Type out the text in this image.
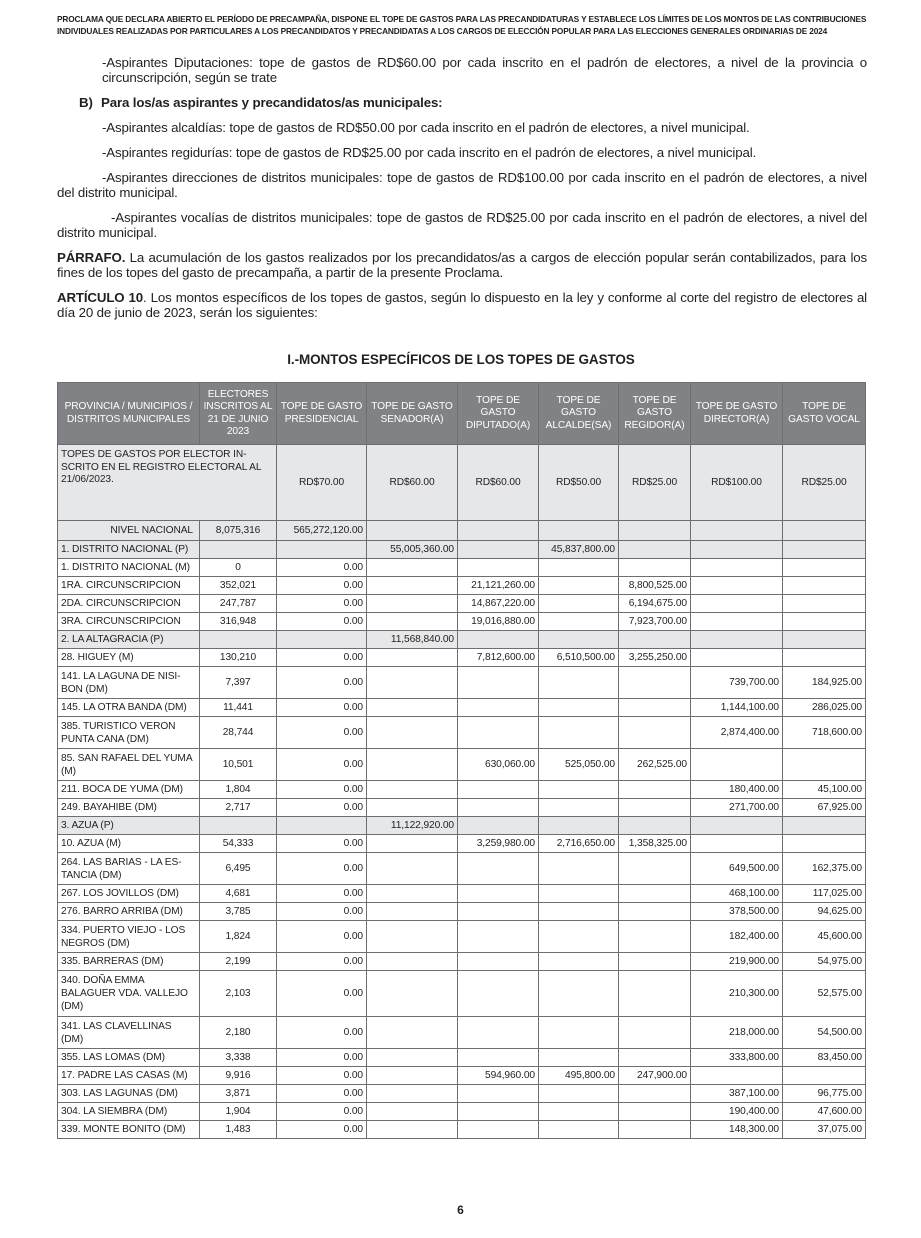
PROCLAMA QUE DECLARA ABIERTO EL PERÍODO DE PRECAMPAÑA, DISPONE EL TOPE DE GASTOS PARA LAS PRECANDIDATURAS Y ESTABLECE LOS LÍMITES DE LOS MONTOS DE LAS CONTRIBUCIONES INDIVIDUALES REALIZADAS POR PARTICULARES A LOS PRECANDIDATOS Y PRECANDIDATAS A LOS CARGOS DE ELECCIÓN POPULAR PARA LAS ELECCIONES GENERALES ORDINARIAS DE 2024

-Aspirantes Diputaciones: tope de gastos de RD$60.00 por cada inscrito en el padrón de electores, a nivel de la provincia o circunscripción, según se trate

B) Para los/as aspirantes y precandidatos/as municipales:

-Aspirantes alcaldías: tope de gastos de RD$50.00 por cada inscrito en el padrón de electores, a nivel municipal.

-Aspirantes regidurías: tope de gastos de RD$25.00 por cada inscrito en el padrón de electores, a nivel municipal.

-Aspirantes direcciones de distritos municipales: tope de gastos de RD$100.00 por cada inscrito en el padrón de electores, a nivel del distrito municipal.

-Aspirantes vocalías de distritos municipales: tope de gastos de RD$25.00 por cada inscrito en el padrón de electores, a nivel del distrito municipal.

PÁRRAFO. La acumulación de los gastos realizados por los precandidatos/as a cargos de elección popular serán contabilizados, para los fines de los topes del gasto de precampaña, a partir de la presente Proclama.

ARTÍCULO 10. Los montos específicos de los topes de gastos, según lo dispuesto en la ley y conforme al corte del registro de electores al día 20 de junio de 2023, serán los siguientes:

I.-MONTOS ESPECÍFICOS DE LOS TOPES DE GASTOS
PROVINCIA / MUNICIPIOS / DISTRITOS MUNICIPALES	ELECTORES INSCRITOS AL 21 DE JUNIO 2023	TOPE DE GASTO PRESIDENCIAL	TOPE DE GASTO SENADOR(A)	TOPE DE GASTO DIPUTADO(A)	TOPE DE GASTO ALCALDE(SA)	TOPE DE GASTO REGIDOR(A)	TOPE DE GASTO DIRECTOR(A)	TOPE DE GASTO VOCAL
TOPES DE GASTOS POR ELECTOR IN-SCRITO EN EL REGISTRO ELECTORAL AL 21/06/2023.		RD$70.00	RD$60.00	RD$60.00	RD$50.00	RD$25.00	RD$100.00	RD$25.00
NIVEL NACIONAL	8,075,316	565,272,120.00						
1. DISTRITO NACIONAL (P)			55,005,360.00		45,837,800.00			
1. DISTRITO NACIONAL (M)	0	0.00						
1RA. CIRCUNSCRIPCION	352,021	0.00		21,121,260.00		8,800,525.00		
2DA. CIRCUNSCRIPCION	247,787	0.00		14,867,220.00		6,194,675.00		
3RA. CIRCUNSCRIPCION	316,948	0.00		19,016,880.00		7,923,700.00		
2. LA ALTAGRACIA (P)			11,568,840.00					
28. HIGUEY (M)	130,210	0.00		7,812,600.00	6,510,500.00	3,255,250.00		
141. LA LAGUNA DE NISI-BON (DM)	7,397	0.00					739,700.00	184,925.00
145. LA OTRA BANDA (DM)	11,441	0.00					1,144,100.00	286,025.00
385. TURISTICO VERON PUNTA CANA (DM)	28,744	0.00					2,874,400.00	718,600.00
85. SAN RAFAEL DEL YUMA (M)	10,501	0.00		630,060.00	525,050.00	262,525.00		
211. BOCA DE YUMA (DM)	1,804	0.00					180,400.00	45,100.00
249. BAYAHIBE (DM)	2,717	0.00					271,700.00	67,925.00
3. AZUA (P)			11,122,920.00					
10. AZUA (M)	54,333	0.00		3,259,980.00	2,716,650.00	1,358,325.00		
264. LAS BARIAS - LA ES-TANCIA (DM)	6,495	0.00					649,500.00	162,375.00
267. LOS JOVILLOS (DM)	4,681	0.00					468,100.00	117,025.00
276. BARRO ARRIBA (DM)	3,785	0.00					378,500.00	94,625.00
334. PUERTO VIEJO - LOS NEGROS (DM)	1,824	0.00					182,400.00	45,600.00
335. BARRERAS (DM)	2,199	0.00					219,900.00	54,975.00
340. DOÑA EMMA BALAGUER VDA. VALLEJO (DM)	2,103	0.00					210,300.00	52,575.00
341. LAS CLAVELLINAS (DM)	2,180	0.00					218,000.00	54,500.00
355. LAS LOMAS (DM)	3,338	0.00					333,800.00	83,450.00
17. PADRE LAS CASAS (M)	9,916	0.00		594,960.00	495,800.00	247,900.00		
303. LAS LAGUNAS (DM)	3,871	0.00					387,100.00	96,775.00
304. LA SIEMBRA (DM)	1,904	0.00					190,400.00	47,600.00
339. MONTE BONITO (DM)	1,483	0.00					148,300.00	37,075.00
6
